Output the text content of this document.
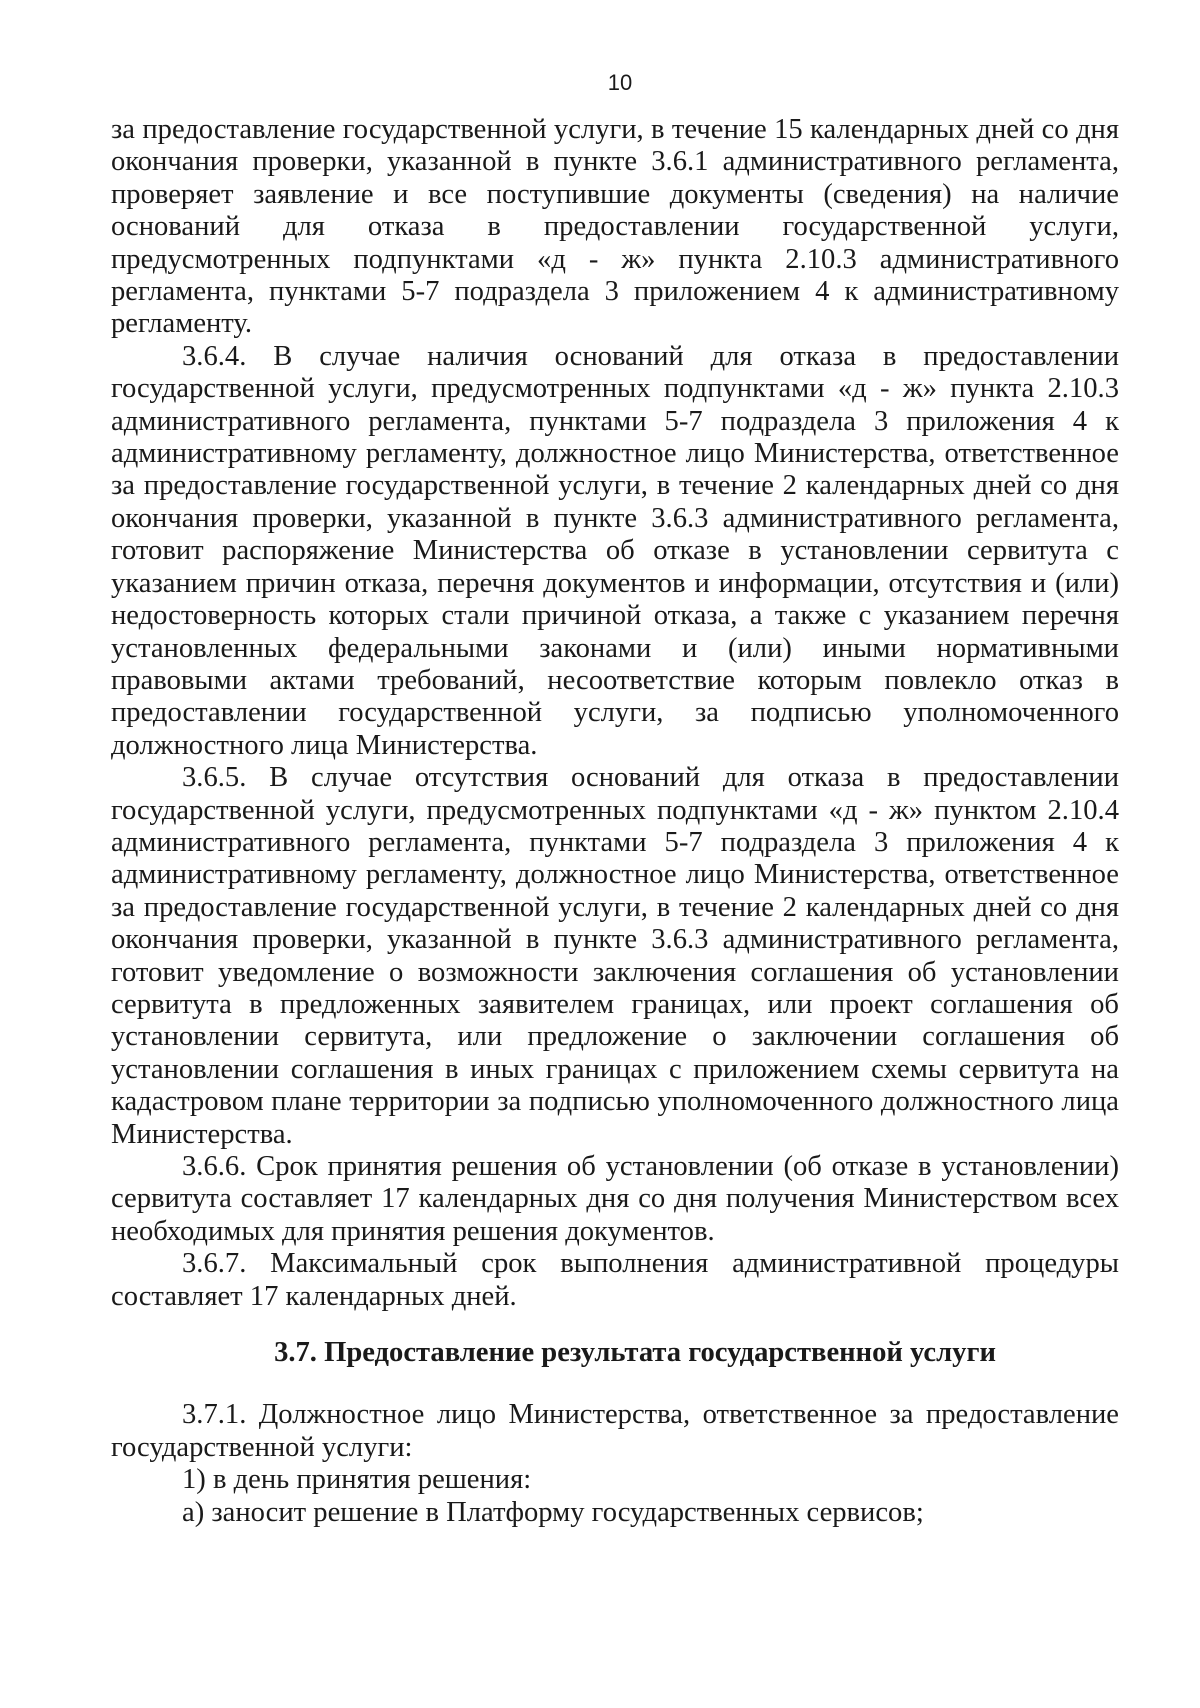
10

за предоставление государственной услуги, в течение 15 календарных дней со дня окончания проверки, указанной в пункте 3.6.1 административного регламента, проверяет заявление и все поступившие документы (сведения) на наличие оснований для отказа в предоставлении государственной услуги, предусмотренных подпунктами «д - ж» пункта 2.10.3 административного регламента, пунктами 5-7 подраздела 3 приложением 4 к административному регламенту.

3.6.4. В случае наличия оснований для отказа в предоставлении государственной услуги, предусмотренных подпунктами «д - ж» пункта 2.10.3 административного регламента, пунктами 5-7 подраздела 3 приложения 4 к административному регламенту, должностное лицо Министерства, ответственное за предоставление государственной услуги, в течение 2 календарных дней со дня окончания проверки, указанной в пункте 3.6.3 административного регламента, готовит распоряжение Министерства об отказе в установлении сервитута с указанием причин отказа, перечня документов и информации, отсутствия и (или) недостоверность которых стали причиной отказа, а также с указанием перечня установленных федеральными законами и (или) иными нормативными правовыми актами требований, несоответствие которым повлекло отказ в предоставлении государственной услуги, за подписью уполномоченного должностного лица Министерства.

3.6.5. В случае отсутствия оснований для отказа в предоставлении государственной услуги, предусмотренных подпунктами «д - ж» пунктом 2.10.4 административного регламента, пунктами 5-7 подраздела 3 приложения 4 к административному регламенту, должностное лицо Министерства, ответственное за предоставление государственной услуги, в течение 2 календарных дней со дня окончания проверки, указанной в пункте 3.6.3 административного регламента, готовит уведомление о возможности заключения соглашения об установлении сервитута в предложенных заявителем границах, или проект соглашения об установлении сервитута, или предложение о заключении соглашения об установлении соглашения в иных границах с приложением схемы сервитута на кадастровом плане территории за подписью уполномоченного должностного лица Министерства.

3.6.6. Срок принятия решения об установлении (об отказе в установлении) сервитута составляет 17 календарных дня со дня получения Министерством всех необходимых для принятия решения документов.

3.6.7. Максимальный срок выполнения административной процедуры составляет 17 календарных дней.

3.7. Предоставление результата государственной услуги

3.7.1. Должностное лицо Министерства, ответственное за предоставление государственной услуги:

1) в день принятия решения:

а) заносит решение в Платформу государственных сервисов;
